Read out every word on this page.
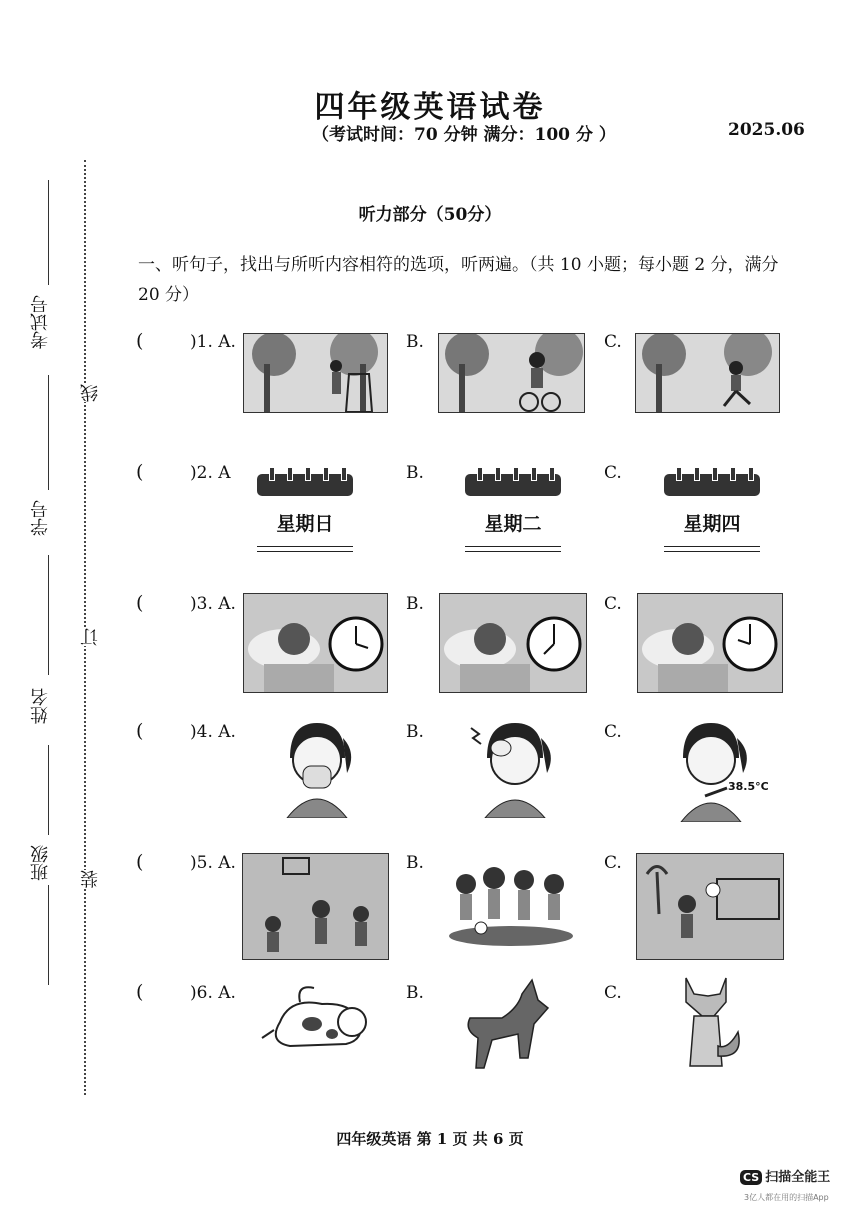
四年级英语试卷
（考试时间：70 分钟 满分：100 分 ）	2025.06
听力部分（50分）
一、听句子，找出与所听内容相符的选项，听两遍。（共 10 小题；每小题 2 分，满分 20 分）
考试号
学号
姓名
班级
线
订
装
(	)1. A.	B.	C.
(	)2. A	B.	C.
星期日	星期二	星期四
(	)3. A.	B.	C.
(	)4. A.	B.	C.
38.5°C
(	)5. A.	B.	C.
(	)6. A.	B.	C.
四年级英语 第 1 页 共 6 页
CS 扫描全能王
3亿人都在用的扫描App
